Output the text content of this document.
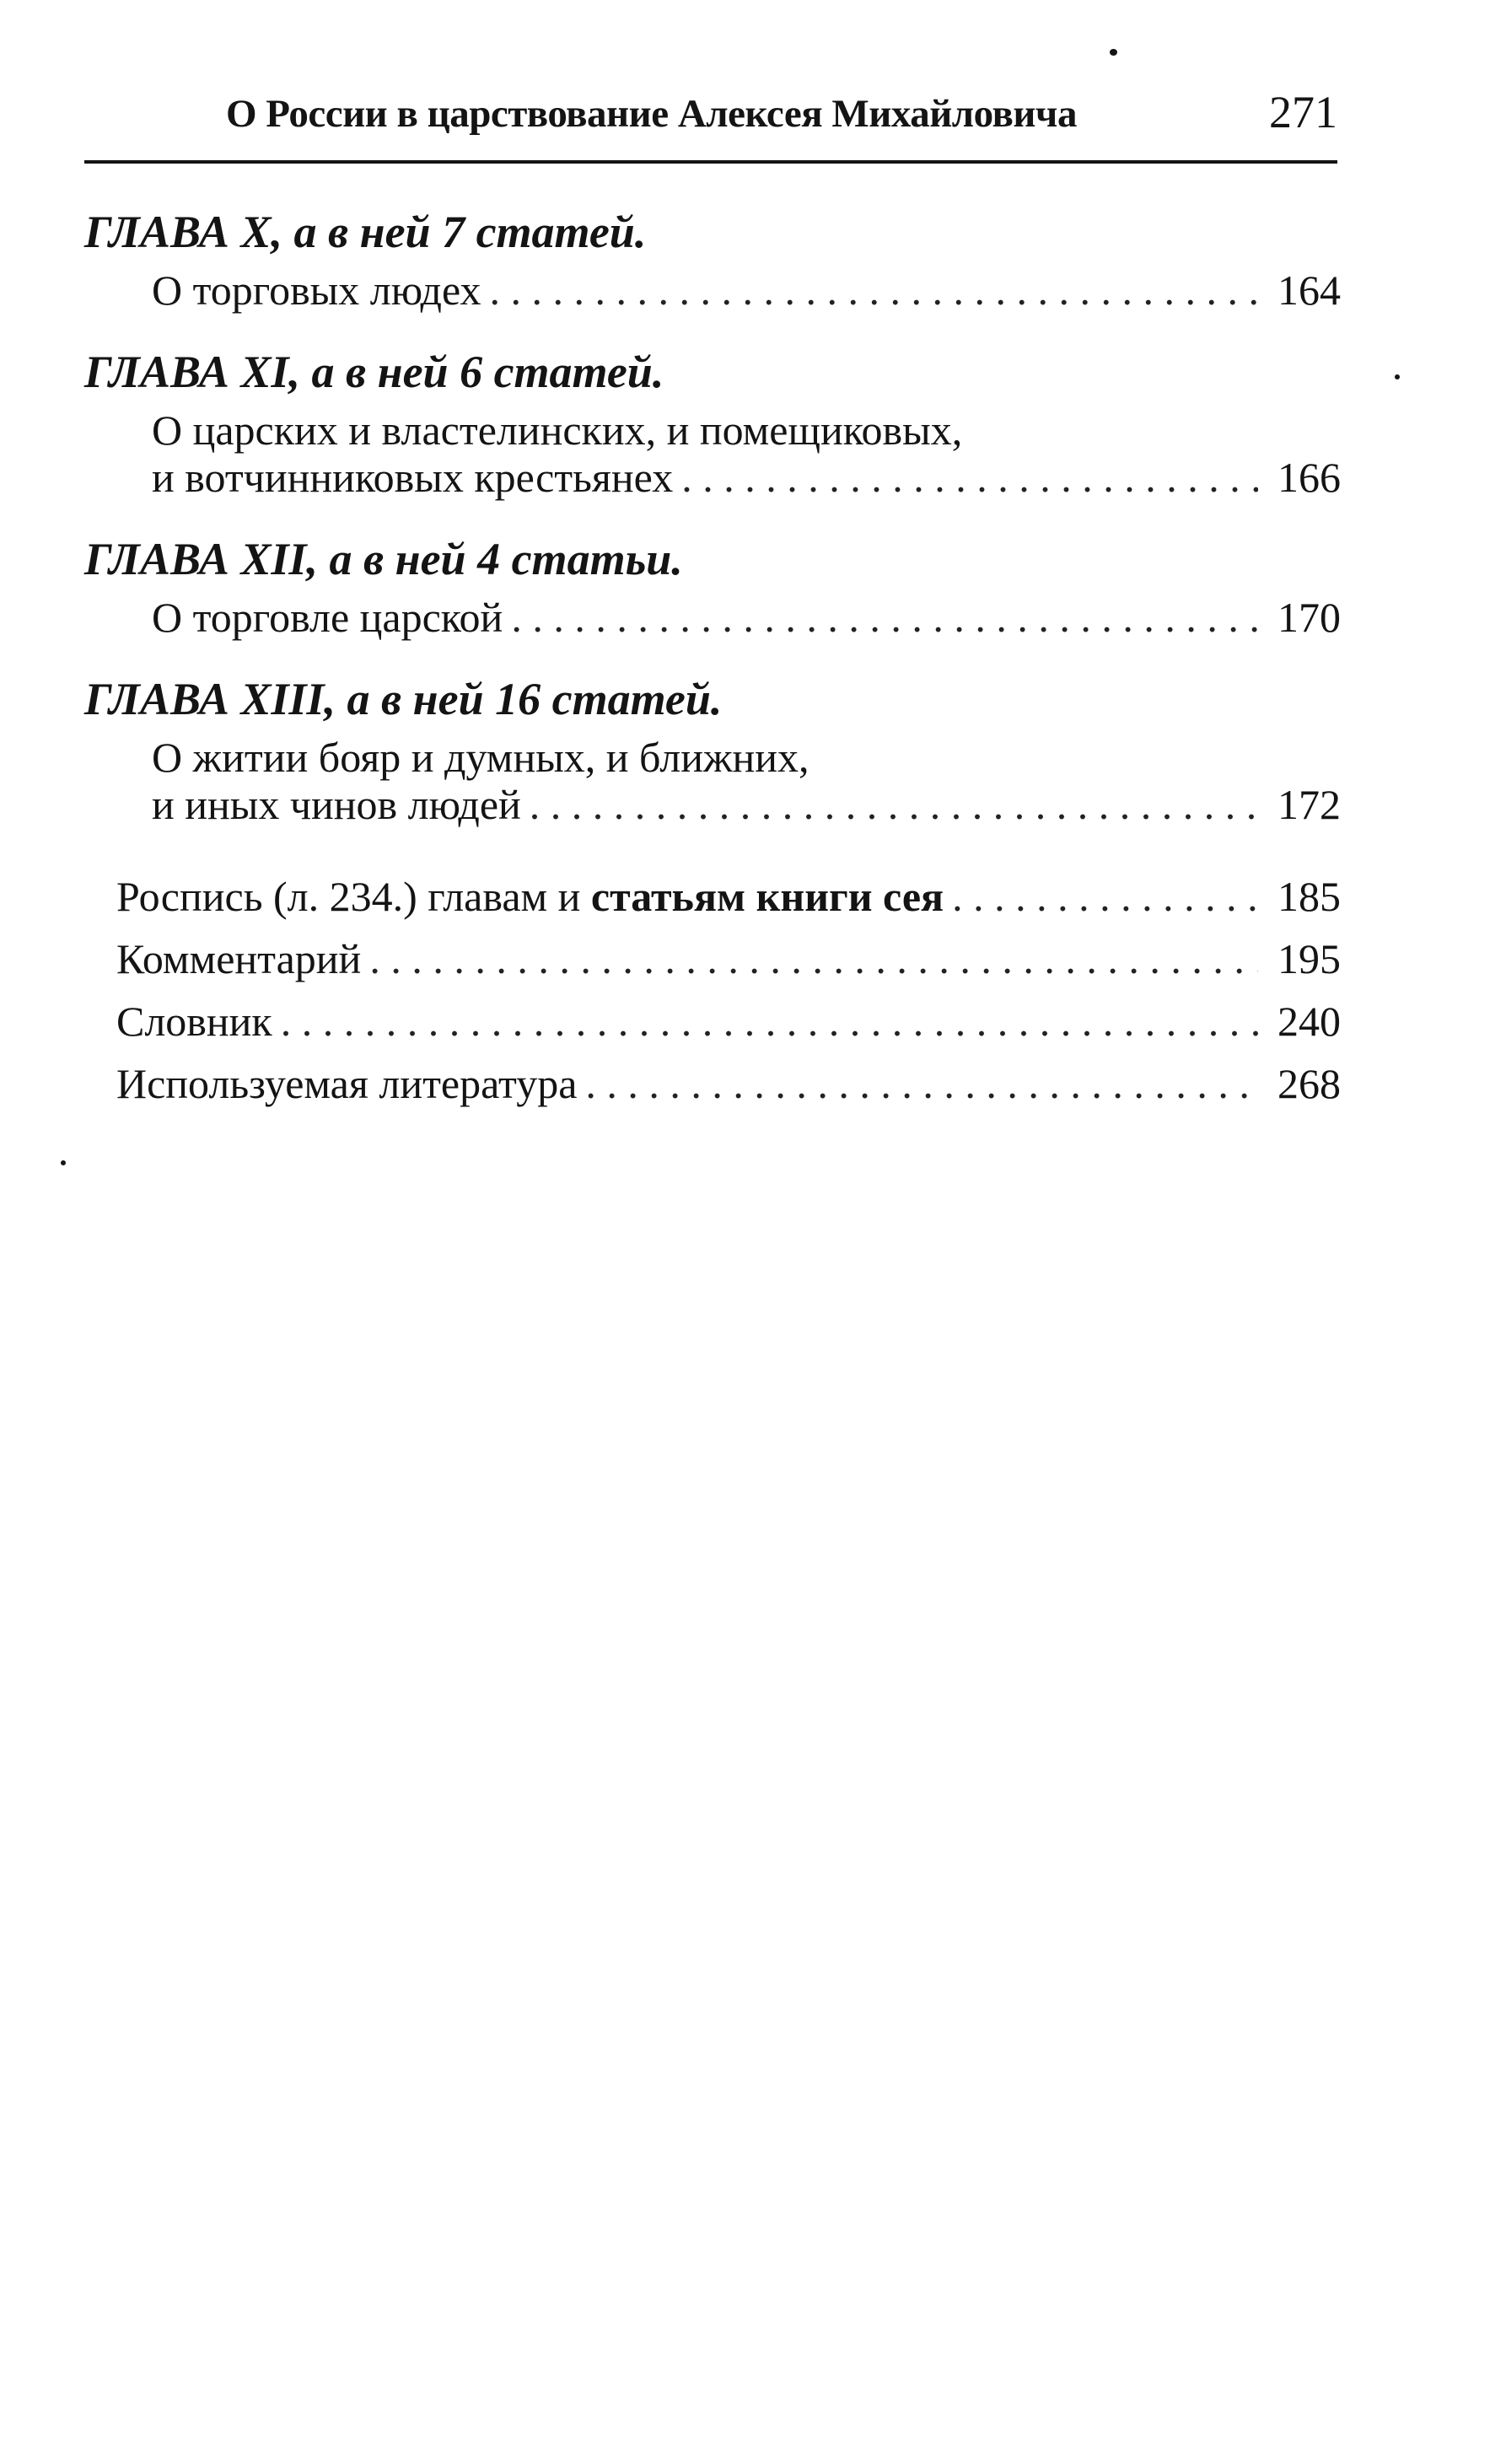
О России в царствование Алексея Михайловича	271
ГЛАВА X, а в ней 7 статей.
О торговых людех . . .	164
ГЛАВА XI, а в ней 6 статей.
О царских и властелинских, и помещиковых,
и вотчинниковых крестьянех . . .	166
ГЛАВА XII, а в ней 4 статьи.
О торговле царской . . .	170
ГЛАВА XIII, а в ней 16 статей.
О житии бояр и думных, и ближних,
и иных чинов людей . . .	172
Роспись (л. 234.) главам и статьям книги сея . . .	185
Комментарий . . .	195
Словник . . .	240
Используемая литература . . .	268
